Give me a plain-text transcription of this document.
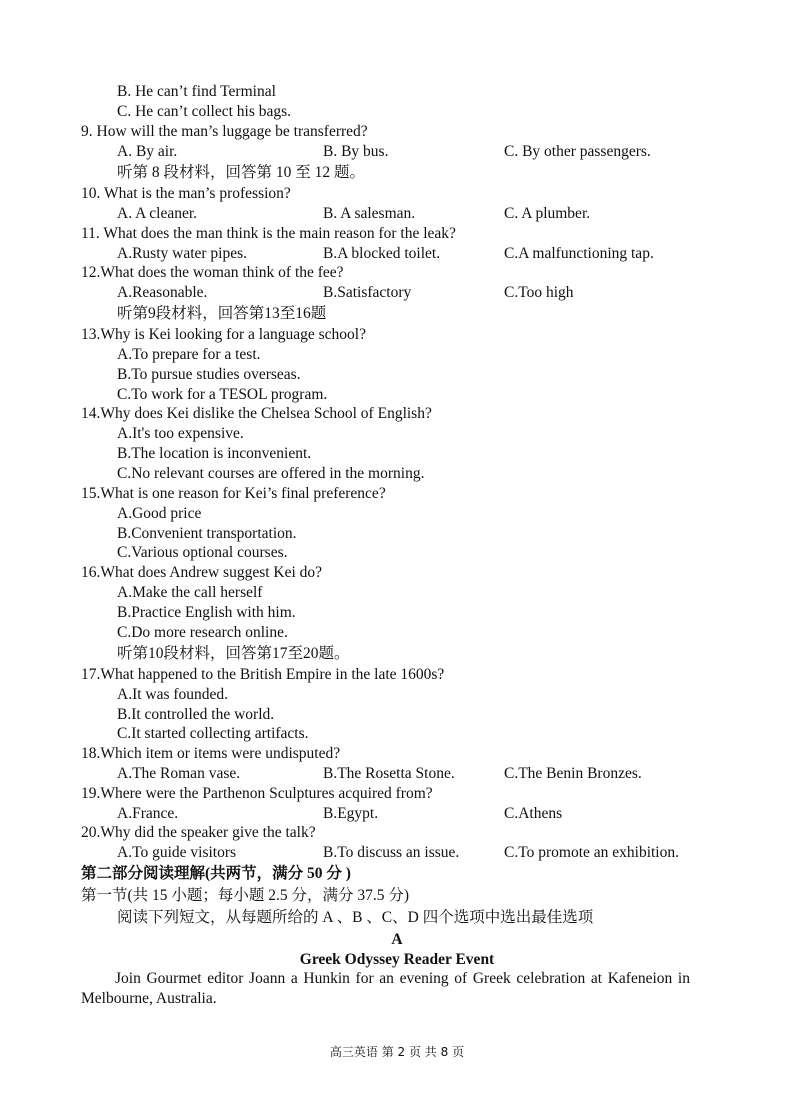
B. He can’t find Terminal
C. He can’t collect his bags.
9. How will the man’s luggage be transferred?
A. By air.	B. By bus.	C. By other passengers.
听第 8 段材料，回答第 10 至 12 题。
10. What is the man’s profession?
A. A cleaner.	B. A salesman.	C. A plumber.
11. What does the man think is the main reason for the leak?
A.Rusty water pipes.	B.A blocked toilet.	C.A malfunctioning tap.
12.What does the woman think of the fee?
A.Reasonable.	B.Satisfactory	C.Too high
听第9段材料，回答第13至16题
13.Why is Kei looking for a language school?
A.To prepare for a test.
B.To pursue studies overseas.
C.To work for a TESOL program.
14.Why does Kei dislike the Chelsea School of English?
A.It's too expensive.
B.The location is inconvenient.
C.No relevant courses are offered in the morning.
15.What is one reason for Kei’s final preference?
A.Good price
B.Convenient transportation.
C.Various optional courses.
16.What does Andrew suggest Kei do?
A.Make the call herself
B.Practice English with him.
C.Do more research online.
听第10段材料，回答第17至20题。
17.What happened to the British Empire in the late 1600s?
A.It was founded.
B.It controlled the world.
C.It started collecting artifacts.
18.Which item or items were undisputed?
A.The Roman vase.	B.The Rosetta Stone.	C.The Benin Bronzes.
19.Where were the Parthenon Sculptures acquired from?
A.France.	B.Egypt.	C.Athens
20.Why did the speaker give the talk?
A.To guide visitors	B.To discuss an issue.	C.To promote an exhibition.
第二部分阅读理解(共两节，满分 50 分 )
第一节(共 15 小题；每小题 2.5 分，满分 37.5 分)
阅读下列短文，从每题所给的 A 、B 、C、D 四个选项中选出最佳选项
A
Greek Odyssey Reader Event
Join Gourmet editor Joann a Hunkin for an evening of Greek celebration at Kafeneion in Melbourne, Australia.
高三英语 第 2 页 共 8 页
